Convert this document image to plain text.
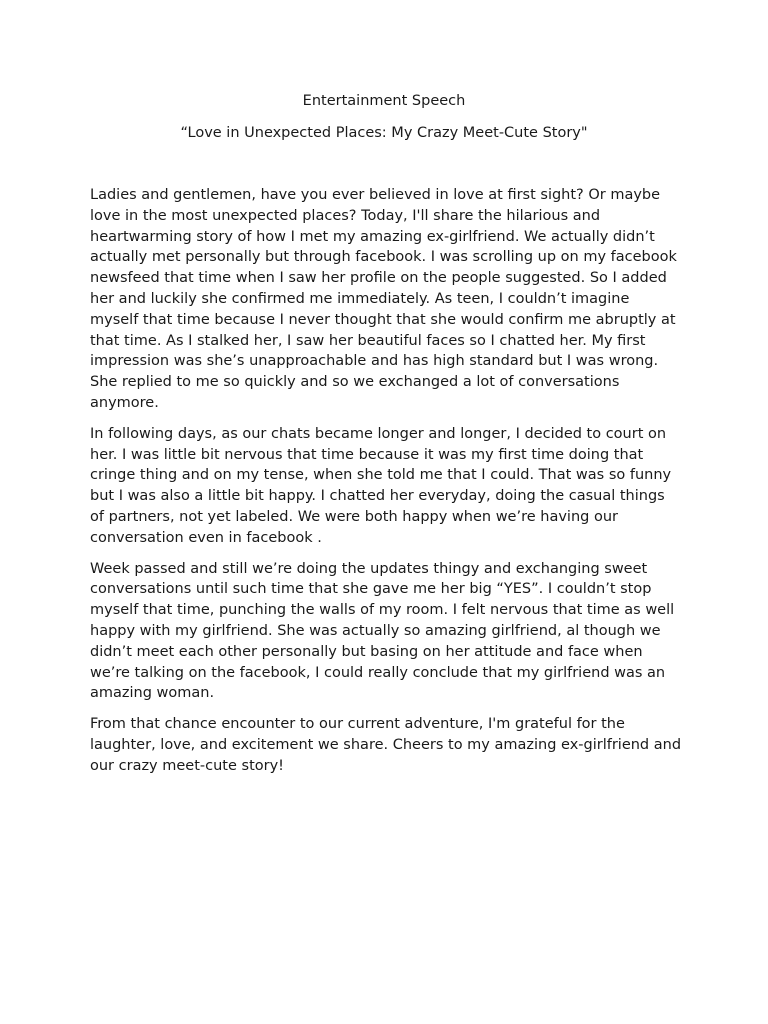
Entertainment Speech
“Love in Unexpected Places: My Crazy Meet-Cute Story"

Ladies and gentlemen, have you ever believed in love at first sight? Or maybe love in the most unexpected places? Today, I'll share the hilarious and heartwarming story of how I met my amazing ex-girlfriend. We actually didn’t actually met personally but through facebook. I was scrolling up on my facebook newsfeed that time when I saw her profile on the people suggested. So I added her and luckily she confirmed me immediately. As teen, I couldn’t imagine myself that time because I never thought that she would confirm me abruptly at that time. As I stalked her, I saw her beautiful faces so I chatted her. My first impression was she’s unapproachable and has high standard but I was wrong. She replied to me so quickly and so we exchanged a lot of conversations anymore.

In following days, as our chats became longer and longer, I decided to court on her. I was little bit nervous that time because it was my first time doing that cringe thing and on my tense, when she told me that I could. That was so funny but I was also a little bit happy. I chatted her everyday, doing the casual things of partners, not yet labeled. We were both happy when we’re having our conversation even in facebook .

Week passed and still we’re doing the updates thingy and exchanging sweet conversations until such time that she gave me her big “YES”. I couldn’t stop myself that time, punching the walls of my room. I felt nervous that time as well happy with my girlfriend. She was actually so amazing girlfriend, al though we didn’t meet each other personally but basing on her attitude and face when we’re talking on the facebook, I could really conclude that my girlfriend was an amazing woman.

From that chance encounter to our current adventure, I'm grateful for the laughter, love, and excitement we share. Cheers to my amazing ex-girlfriend and our crazy meet-cute story!
